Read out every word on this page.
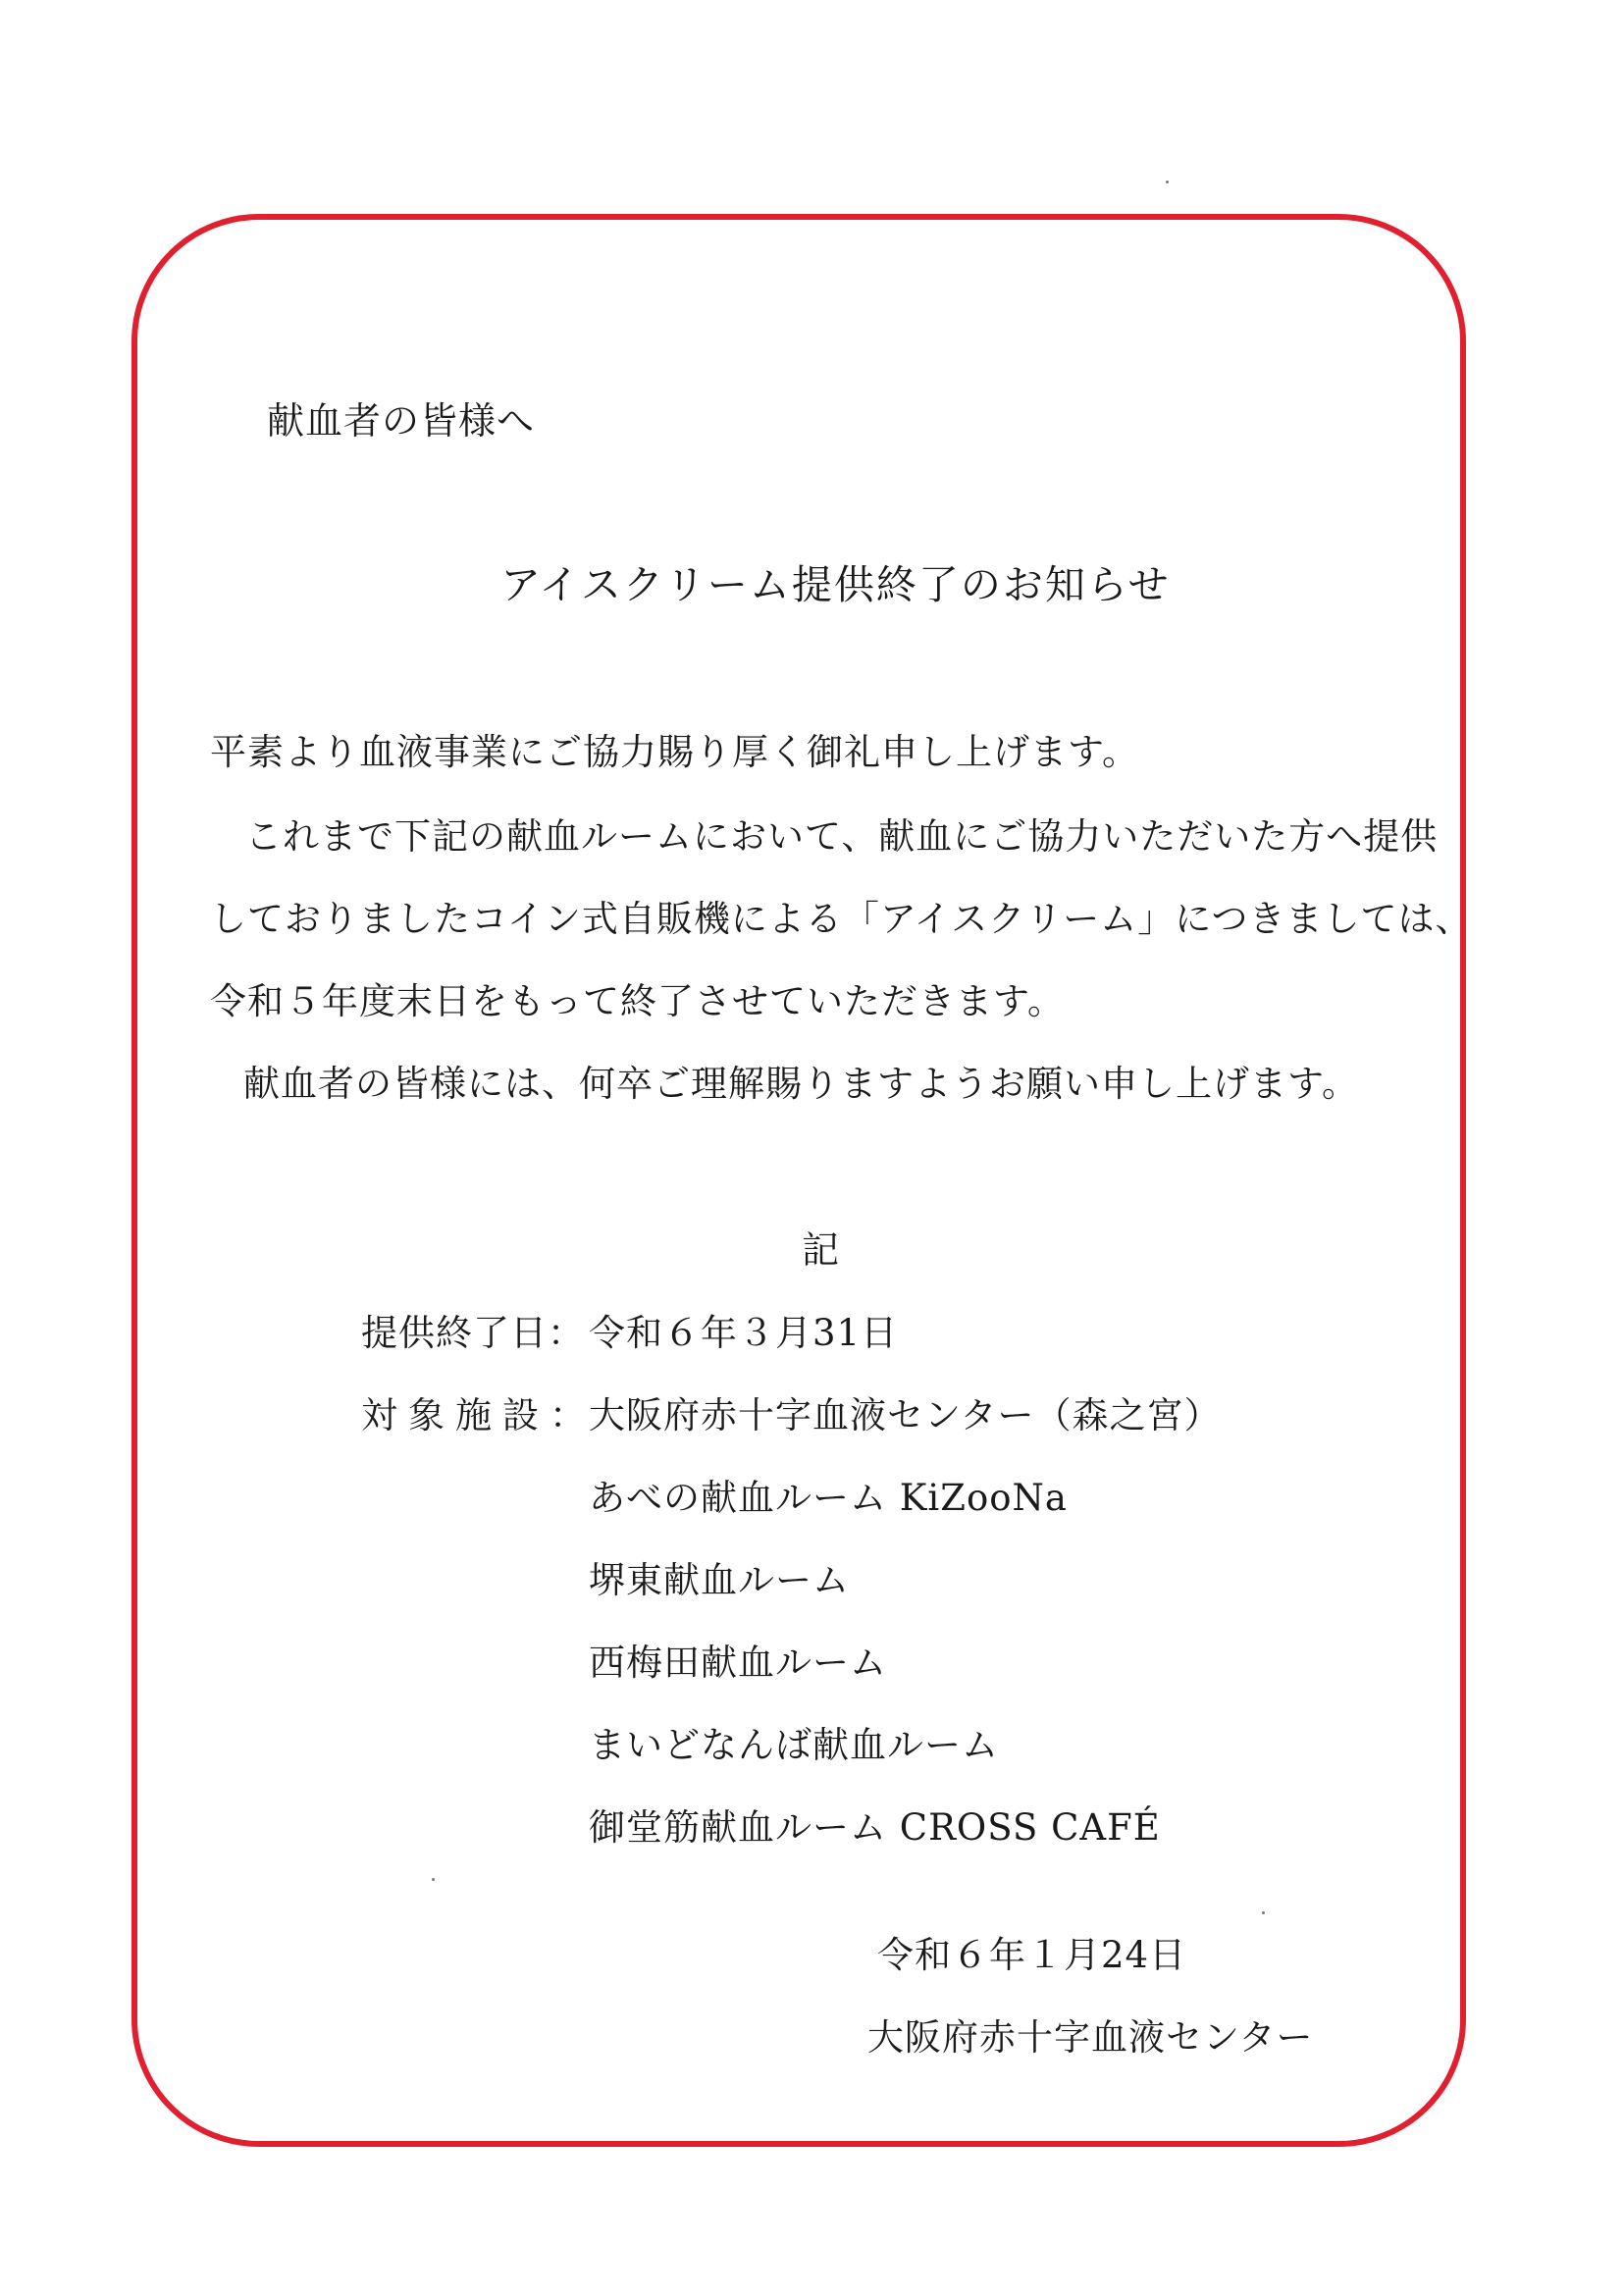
献血者の皆様へ
アイスクリーム提供終了のお知らせ
平素より血液事業にご協力賜り厚く御礼申し上げます。
これまで下記の献血ルームにおいて、献血にご協力いただいた方へ提供
しておりましたコイン式自販機による「アイスクリーム」につきましては、
令和５年度末日をもって終了させていただきます。
献血者の皆様には、何卒ご理解賜りますようお願い申し上げます。
記
提供終了日： 令和６年３月31日
対象施設：
大阪府赤十字血液センター（森之宮）
あべの献血ルーム KiZooNa
堺東献血ルーム
西梅田献血ルーム
まいどなんば献血ルーム
御堂筋献血ルーム CROSS CAFÉ
令和６年１月24日
大阪府赤十字血液センター
